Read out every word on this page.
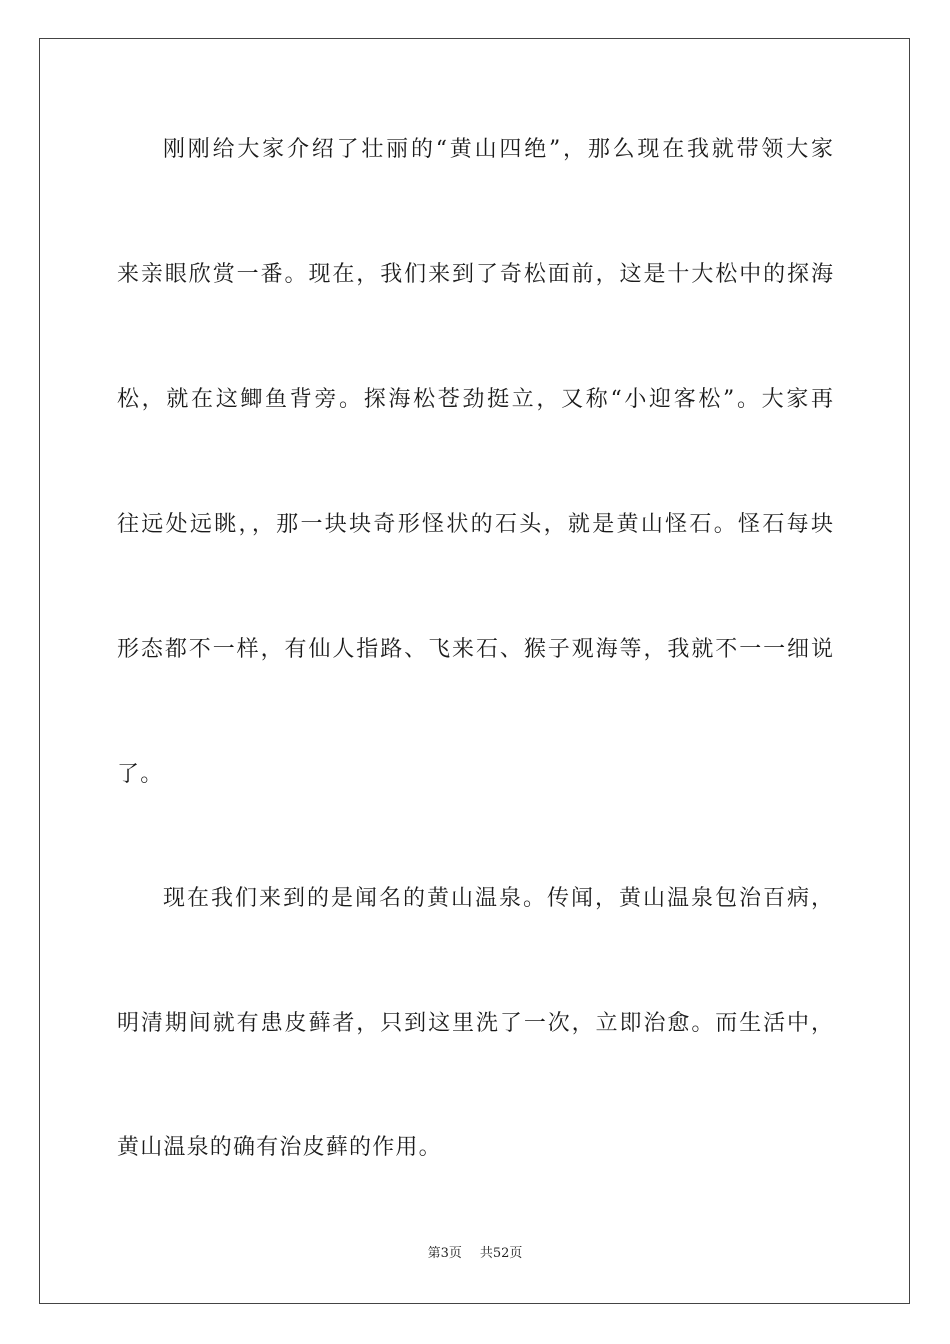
刚刚给大家介绍了壮丽的“黄山四绝”，那么现在我就带领大家
来亲眼欣赏一番。现在，我们来到了奇松面前，这是十大松中的探海
松，就在这鲫鱼背旁。探海松苍劲挺立，又称“小迎客松”。大家再
往远处远眺，，那一块块奇形怪状的石头，就是黄山怪石。怪石每块
形态都不一样，有仙人指路、飞来石、猴子观海等，我就不一一细说
了。
现在我们来到的是闻名的黄山温泉。传闻，黄山温泉包治百病，
明清期间就有患皮藓者，只到这里洗了一次，立即治愈。而生活中，
黄山温泉的确有治皮藓的作用。
第3页 共52页
